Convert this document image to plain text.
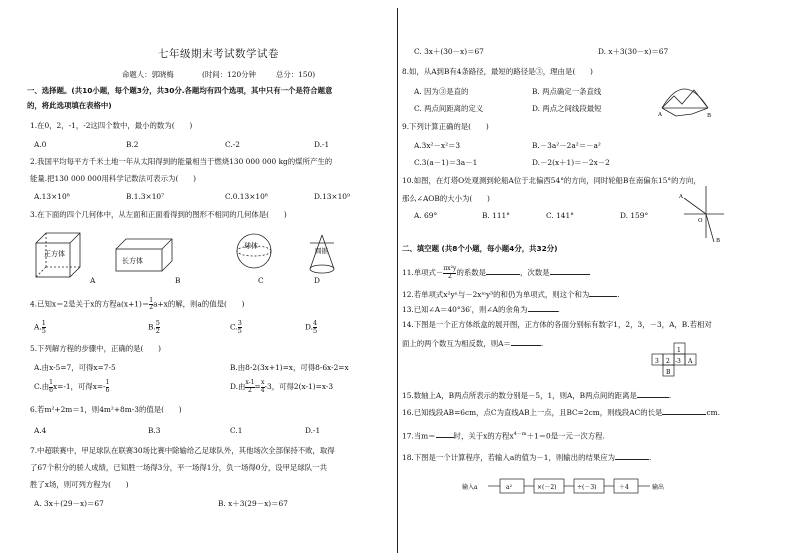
七年级期末考试数学试卷
命题人：郭晓梅	(时间：120分钟	总分：150)
一、选择题。(共10小题，每个题3分，共30分.各题均有四个选项，其中只有一个是符合题意
的，将此选项填在表格中)
1.在0，2，-1，-2这四个数中，最小的数为(　　)
A.0	B.2	C.-2	D.-1
2.我国平均每平方千米土地一年从太阳得到的能量相当于燃烧130 000 000 kg的煤所产生的
能量.把130 000 000用科学记数法可表示为(　　)
A.13×10⁸	B.1.3×10⁷	C.0.13×10⁸	D.13×10⁹
3.在下面的四个几何体中，从左面和正面看得到的图形不相同的几何体是(　　)
正方体
长方体
球体
圆锥
A	B	C	D
4.已知x＝2是关于x的方程$a(x+1)= \frac{1}{2} a+x$的解，则a的值是(　　)
A. $\frac{1}{5}$	B. $\frac{5}{2}$	C. $\frac{3}{5}$	D. $\frac{4}{5}$
5.下列解方程的步骤中，正确的是(　　)
A.由x-5=7，可得x=7-5	B.由8-2(3x+1)=x，可得8-6x-2=x
C.由 $\frac{1}{6} x=-1$，可得$x=- \frac{1}{6}$	D.由 $\frac{x-1}{2} = \frac{x}{4} -3$，可得2(x-1)=x-3
6.若m²+2m＝1，则4m²+8m-3的值是(　　)
A.4	B.3	C.1	D.-1
7.中超联赛中，甲足球队在联赛30场比赛中除输给乙足球队外，其他场次全部保持不败，取得
了67个积分的骄人成绩，已知胜一场得3分，平一场得1分，负一场得0分，设甲足球队一共
胜了x场，则可列方程为(　　)
A. 3x＋(29－x)＝67	B. x＋3(29－x)＝67
C. 3x＋(30－x)＝67	D. x＋3(30－x)＝67
8.如，从A到B有4条路径，最短的路径是③，理由是(　　)
A. 因为③是直的	B. 两点确定一条直线
C. 两点间距离的定义	D. 两点之间线段最短
A	B
9.下列计算正确的是(　　)
A.3x²－x²＝3	B.－3a²－2a²＝－a²
C.3(a－1)＝3a－1	D.－2(x＋1)＝－2x－2
10.如图，在灯塔O处观测到轮船A位于北偏西54°的方向，同时轮船B在南偏东15°的方向，
那么∠AOB的大小为(　　)
A. 69°	B. 111°	C. 141°	D. 159°
A
O
B
二、填空题 (共8个小题，每小题4分，共32分)
11.单项式－ $\frac{\text{πx²y}}{2}$ 的系数是	，次数是
12.若单项式x²yⁿ与－2xᵐy³的和仍为单项式，则这个和为	.
13.已知∠A＝40°36′，则∠A的余角为	.
14.下图是一个正方体纸盒的展开图，正方体的各面分别标有数字1，2，3，－3，A，B.若相对
面上的两个数互为相反数，则A＝	.
1
3 2 -3 A
B
15.数轴上A，B两点所表示的数分别是－5，1，则A，B两点间的距离是	.
16.已知线段AB=6cm，点C为直线AB上一点，且BC=2cm，则线段AC的长是	cm.
17.当m＝ 时，关于x的方程$x^{4-m}+1=0$是一元一次方程.
18.下图是一个计算程序，若输入a的值为－1，则输出的结果应为	.
输入a	a²	×(－2)	÷(－3)	＋4	输出
